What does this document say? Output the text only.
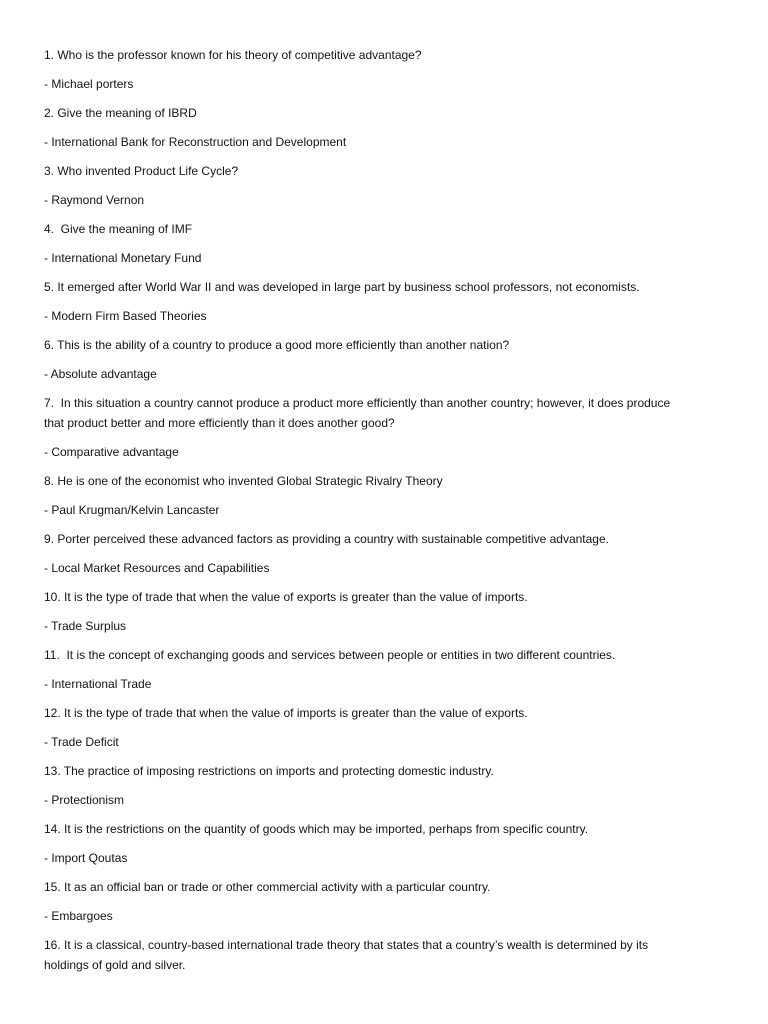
1. Who is the professor known for his theory of competitive advantage?
- Michael porters
2. Give the meaning of IBRD
- International Bank for Reconstruction and Development
3. Who invented Product Life Cycle?
- Raymond Vernon
4.  Give the meaning of IMF
- International Monetary Fund
5. It emerged after World War II and was developed in large part by business school professors, not economists.
- Modern Firm Based Theories
6. This is the ability of a country to produce a good more efficiently than another nation?
- Absolute advantage
7.  In this situation a country cannot produce a product more efficiently than another country; however, it does produce
that product better and more efficiently than it does another good?
- Comparative advantage
8. He is one of the economist who invented Global Strategic Rivalry Theory
- Paul Krugman/Kelvin Lancaster
9. Porter perceived these advanced factors as providing a country with sustainable competitive advantage.
- Local Market Resources and Capabilities
10. It is the type of trade that when the value of exports is greater than the value of imports.
- Trade Surplus
11.  It is the concept of exchanging goods and services between people or entities in two different countries.
- International Trade
12. It is the type of trade that when the value of imports is greater than the value of exports.
- Trade Deficit
13. The practice of imposing restrictions on imports and protecting domestic industry.
- Protectionism
14. It is the restrictions on the quantity of goods which may be imported, perhaps from specific country.
- Import Qoutas
15. It as an official ban or trade or other commercial activity with a particular country.
- Embargoes
16. It is a classical, country-based international trade theory that states that a country’s wealth is determined by its
holdings of gold and silver.
